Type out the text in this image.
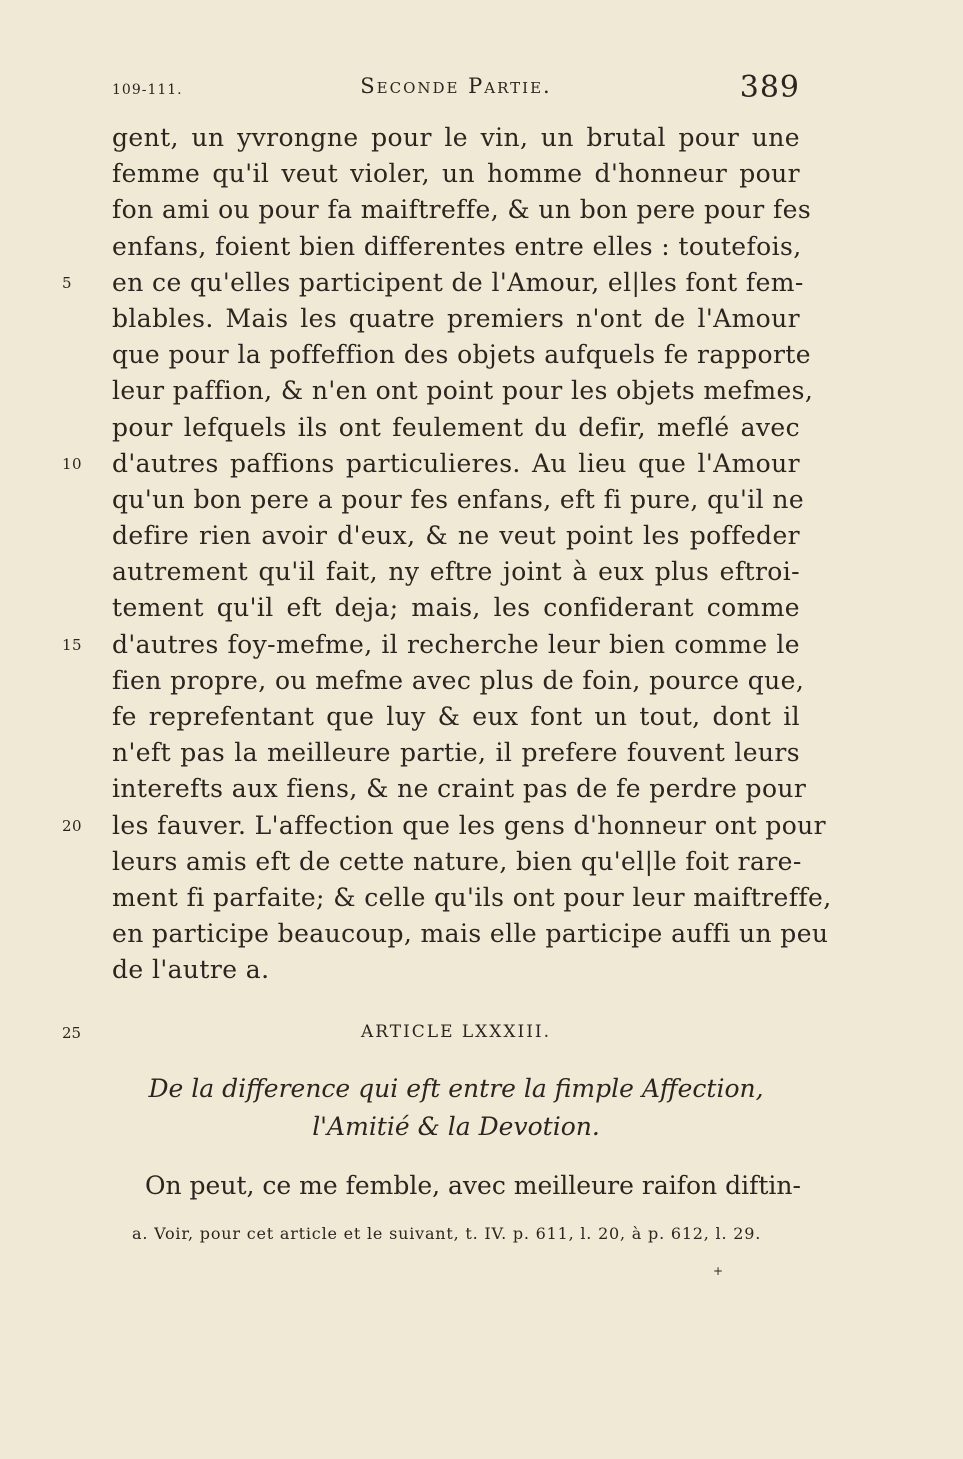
109-111.	Seconde Partie.	389
gent, un yvrongne pour le vin, un brutal pour une
femme qu'il veut violer, un homme d'honneur pour
fon ami ou pour fa maiftreffe, & un bon pere pour fes
enfans, foient bien differentes entre elles : toutefois,
5	en ce qu'elles participent de l'Amour, el|les font fem-
blables. Mais les quatre premiers n'ont de l'Amour
que pour la poffeffion des objets aufquels fe rapporte
leur paffion, & n'en ont point pour les objets mefmes,
pour lefquels ils ont feulement du defir, meflé avec
10	d'autres paffions particulieres. Au lieu que l'Amour
qu'un bon pere a pour fes enfans, eft fi pure, qu'il ne
defire rien avoir d'eux, & ne veut point les poffeder
autrement qu'il fait, ny eftre joint à eux plus eftroi-
tement qu'il eft deja; mais, les confiderant comme
15	d'autres foy-mefme, il recherche leur bien comme le
fien propre, ou mefme avec plus de foin, pource que,
fe reprefentant que luy & eux font un tout, dont il
n'eft pas la meilleure partie, il prefere fouvent leurs
interefts aux fiens, & ne craint pas de fe perdre pour
20	les fauver. L'affection que les gens d'honneur ont pour
leurs amis eft de cette nature, bien qu'el|le foit rare-
ment fi parfaite; & celle qu'ils ont pour leur maiftreffe,
en participe beaucoup, mais elle participe auffi un peu
de l'autre a.
25	ARTICLE LXXXIII.
De la difference qui eft entre la fimple Affection,
l'Amitié & la Devotion.
On peut, ce me femble, avec meilleure raifon diftin-
a. Voir, pour cet article et le suivant, t. IV. p. 611, l. 20, à p. 612, l. 29.
+
